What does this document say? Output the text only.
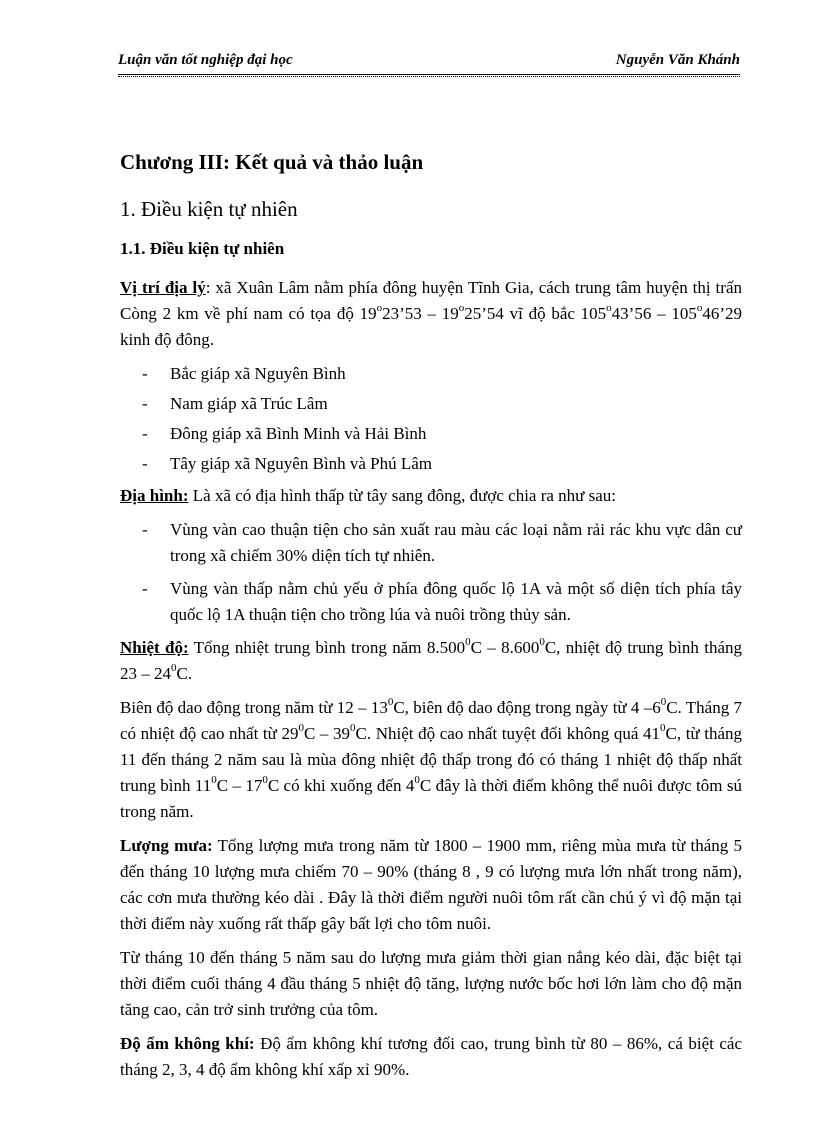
Luận văn tốt nghiệp đại học	Nguyễn Văn Khánh
Chương III: Kết quả và thảo luận
1. Điều kiện tự nhiên
1.1. Điều kiện tự nhiên

Vị trí địa lý: xã Xuân Lâm nằm phía đông huyện Tĩnh Gia, cách trung tâm huyện thị trấn Còng 2 km về phí nam có tọa độ 19$^o$23’53 – 19$^o$25’54 vĩ độ bắc 105$^o$43’56 – 105$^o$46’29 kinh độ đông.

- Bắc giáp xã Nguyên Bình
- Nam giáp xã Trúc Lâm
- Đông giáp xã Bình Minh và Hải Bình
- Tây giáp xã Nguyên Bình và Phú Lâm

Địa hình: Là xã có địa hình thấp từ tây sang đông, được chia ra như sau:

- Vùng vàn cao thuận tiện cho sản xuất rau màu các loại nằm rải rác khu vực dân cư trong xã chiếm 30% diện tích tự nhiên.
- Vùng vàn thấp nằm chủ yếu ở phía đông quốc lộ 1A và một số diện tích phía tây quốc lộ 1A thuận tiện cho trồng lúa và nuôi trồng thủy sản.

Nhiệt độ: Tổng nhiệt trung bình trong năm 8.500$^0$C – 8.600$^0$C, nhiệt độ trung bình tháng $23 - 24^0C$.

Biên độ dao động trong năm từ $12 - 13^0C$, biên độ dao động trong ngày từ 4 $-6^0C$. Tháng 7 có nhiệt độ cao nhất từ $29^0C - 39^0C$. Nhiệt độ cao nhất tuyệt đối không quá $41^0C$, từ tháng 11 đến tháng 2 năm sau là mùa đông nhiệt độ thấp trong đó có tháng 1 nhiệt độ thấp nhất trung bình $11^0C - 17^0C$ có khi xuống đến $4^0C$ đây là thời điểm không thể nuôi được tôm sú trong năm.

Lượng mưa: Tổng lượng mưa trong năm từ 1800 – 1900 mm, riêng mùa mưa từ tháng 5 đến tháng 10 lượng mưa chiếm 70 – 90% (tháng 8 , 9 có lượng mưa lớn nhất trong năm), các cơn mưa thường kéo dài . Đây là thời điểm người nuôi tôm rất cần chú ý vì độ mặn tại thời điểm này xuống rất thấp gây bất lợi cho tôm nuôi.

Từ tháng 10 đến tháng 5 năm sau do lượng mưa giảm thời gian nắng kéo dài, đặc biệt tại thời điểm cuối tháng 4 đầu tháng 5 nhiệt độ tăng, lượng nước bốc hơi lớn làm cho độ mặn tăng cao, cản trở sinh trưởng của tôm.

Độ ẩm không khí: Độ ẩm không khí tương đối cao, trung bình từ 80 – 86%, cá biệt các tháng 2, 3, 4 độ ẩm không khí xấp xỉ 90%.
